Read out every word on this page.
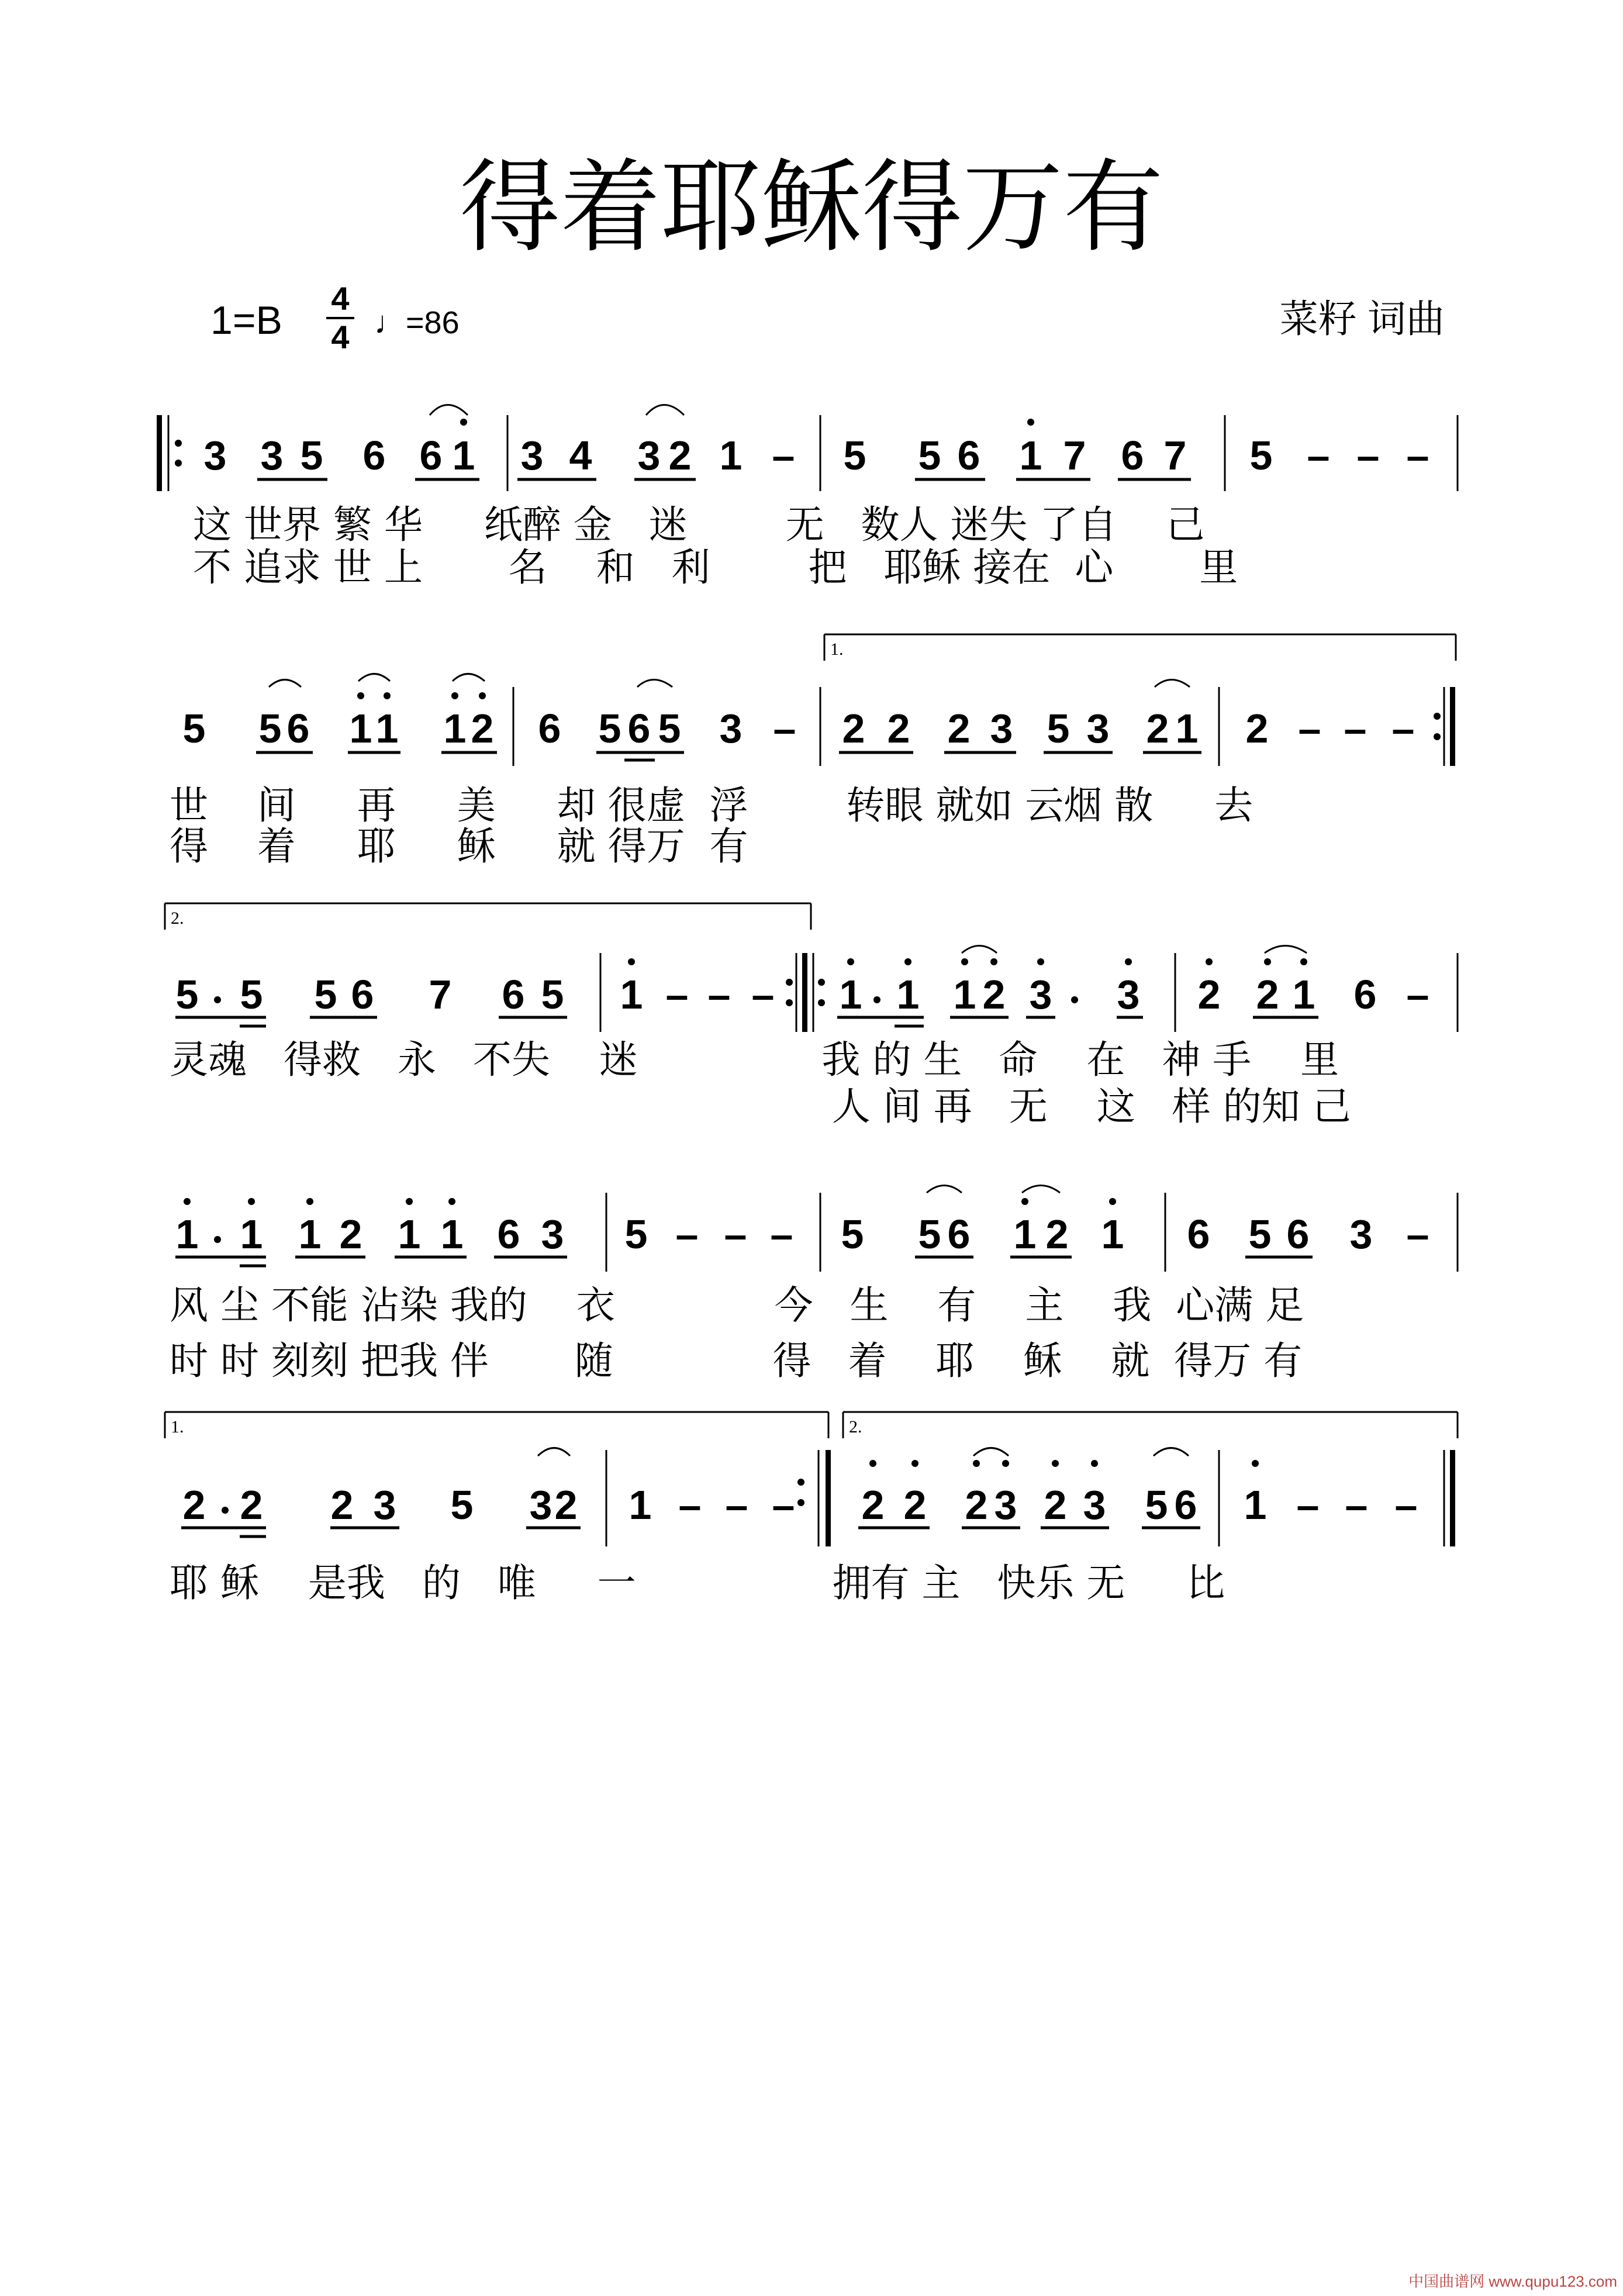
得着耶稣得万有
1=B 4
4 ♩=86	菜籽 词曲
3 3 5 6 6 1 3 4 3 2 1 – 5 5 6 1 7 6 7 5 – – –
这 世界 繁 华     纸醉 金   迷        无   数人 迷失 了自    己
不 追求 世 上       名    和   利        把   耶稣 接在  心       里
1.
5 5 6 1 1 1 2 6 5 6 5 3 – 2 2 2 3 5 3 2 1 2 – – –
世    间     再     美     却 很虚  浮        转眼 就如 云烟 散     去
得    着     耶     稣     就 得万  有
2.
5 5 5 6 7 6 5 1 – – – 1 1 1 2 3 3 2 2 1 6 –
灵魂   得救   永   不失    迷               我 的 生   命    在   神 手    里
人 间 再   无    这   样 的知 己
1 1 1 2 1 1 6 3 5 – – – 5 5 6 1 2 1 6 5 6 3 –
风 尘 不能 沾染 我的    衣             今   生    有    主    我  心满 足
时 时 刻刻 把我 伴       随             得   着    耶    稣    就  得万 有
1.	2.
2 2 2 3 5 3 2 1 – – – 2 2 2 3 2 3 5 6 1 – – –
耶 稣    是我   的   唯     一                拥有 主   快乐 无     比
中国曲谱网 www.qupu123.com
